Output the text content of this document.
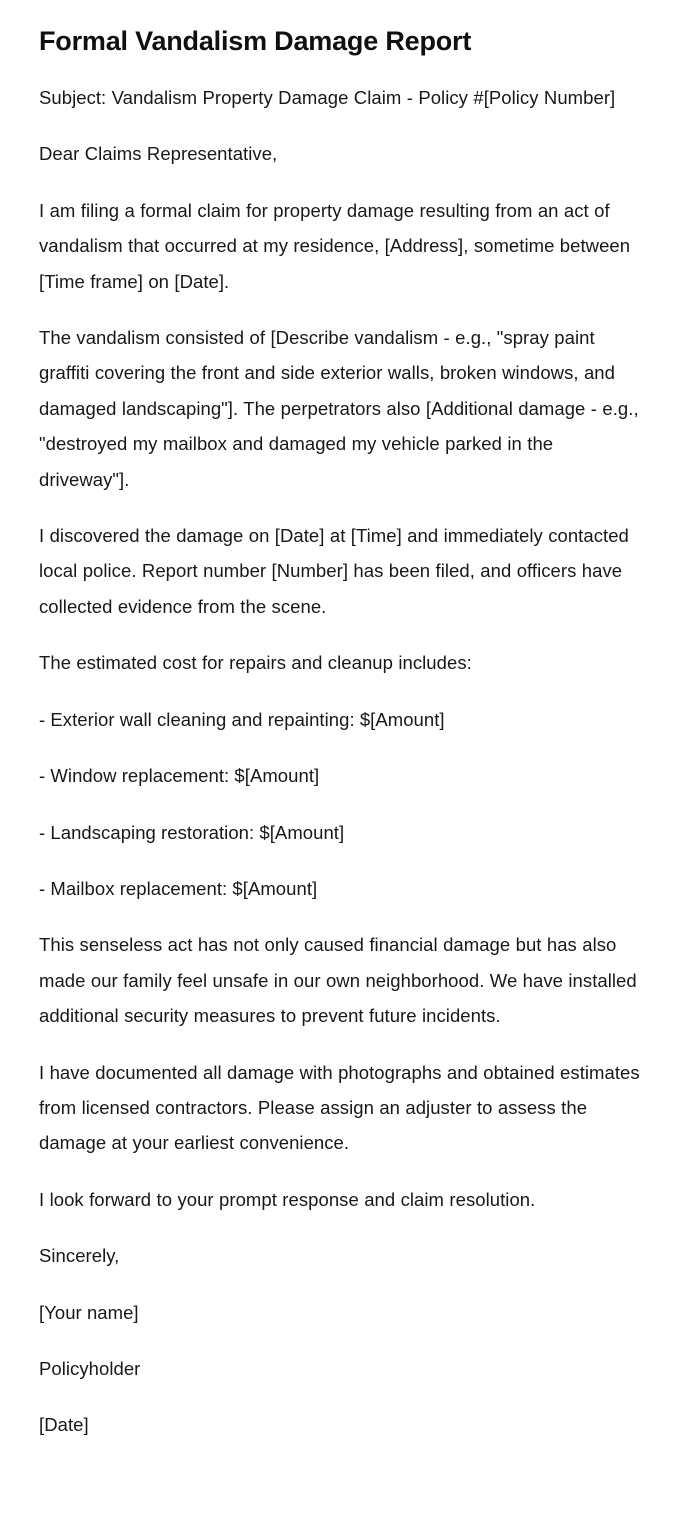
Formal Vandalism Damage Report

Subject: Vandalism Property Damage Claim - Policy #[Policy Number]

Dear Claims Representative,

I am filing a formal claim for property damage resulting from an act of vandalism that occurred at my residence, [Address], sometime between [Time frame] on [Date].

The vandalism consisted of [Describe vandalism - e.g., "spray paint graffiti covering the front and side exterior walls, broken windows, and damaged landscaping"]. The perpetrators also [Additional damage - e.g., "destroyed my mailbox and damaged my vehicle parked in the driveway"].

I discovered the damage on [Date] at [Time] and immediately contacted local police. Report number [Number] has been filed, and officers have collected evidence from the scene.

The estimated cost for repairs and cleanup includes:

- Exterior wall cleaning and repainting: $[Amount]

- Window replacement: $[Amount]

- Landscaping restoration: $[Amount]

- Mailbox replacement: $[Amount]

This senseless act has not only caused financial damage but has also made our family feel unsafe in our own neighborhood. We have installed additional security measures to prevent future incidents.

I have documented all damage with photographs and obtained estimates from licensed contractors. Please assign an adjuster to assess the damage at your earliest convenience.

I look forward to your prompt response and claim resolution.

Sincerely,

[Your name]

Policyholder

[Date]
